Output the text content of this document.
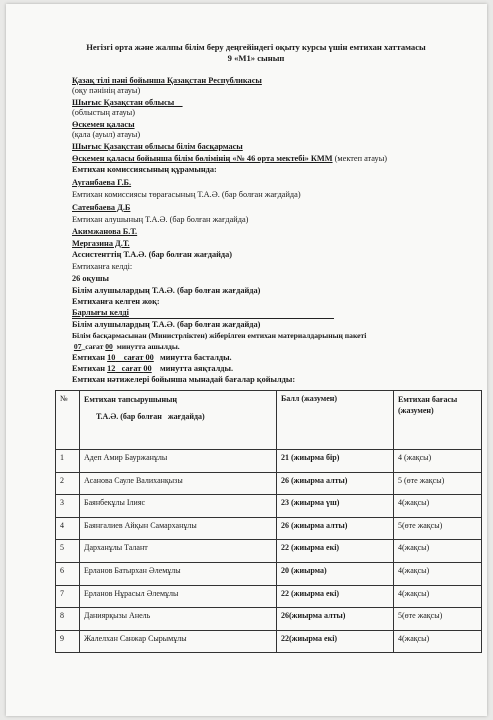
Негізгі орта және жалпы білім беру деңгейіндегі оқыту курсы үшін емтихан хаттамасы
9 «М1» сынып
Қазақ тілі пәні бойынша Қазақстан Республикасы
(оқу пәнінің атауы)
Шығыс Қазақстан облысы
(облыстың атауы)
Өскемен қаласы
(қала (ауыл) атауы)
Шығыс Қазақстан облысы білім басқармасы
Өскемен қаласы бойынша білім бөлімінің «№ 46 орта мектебі» КММ (мектеп атауы)
Емтихан комиссиясының құрамында:
Ауганбаева Г.Б.
Емтихан комиссиясы төрағасының Т.А.Ә. (бар болған жағдайда)
Сатенбаева Д.Б
Емтихан алушының Т.А.Ә. (бар болған жағдайда)
Акимжанова Б.Т.
Мергазина Д.Т.
Ассистенттің Т.А.Ә. (бар болған жағдайда)
Емтиханға келді:
26 оқушы
Білім алушылардың Т.А.Ә. (бар болған жағдайда)
Емтиханға келген жоқ:
Барлығы келді
Білім алушылардың Т.А.Ә. (бар болған жағдайда)
Білім басқармасынан (Министрліктен) жіберілген емтихан материалдарының пакеті
07_сағат 00  минутта ашылды.
Емтихан 10    сағат 00   минутта басталды.
Емтихан 12   сағат 00    минутта аяқталды.
Емтихан нәтижелері бойынша мынадай бағалар қойылды:
№	Емтихан тапсырушының
Т.А.Ә. (бар болған   жағдайда)	Балл (жазумен)	Емтихан бағасы (жазумен)
1	Адеп Амир Бауржанұлы	21 (жиырма бір)	4 (жақсы)
2	Асанова Сауле Валиханқызы	26 (жиырма алты)	5 (өте жақсы)
3	Баянбекұлы Ілияс	23 (жиырма үш)	4(жақсы)
4	Баянгалиев Айқын Самарханұлы	26 (жиырма алты)	5(өте жақсы)
5	Дарханұлы Талант	22 (жиырма екі)	4(жақсы)
6	Ерланов Батырхан Әлемұлы	20 (жиырма)	4(жақсы)
7	Ерланов Нұрасыл Әлемұлы	22 (жиырма екі)	4(жақсы)
8	Даниярқызы Анель	26(жиырма алты)	5(өте жақсы)
9	Жалелхан Санжар Сырымұлы	22(жиырма екі)	4(жақсы)
